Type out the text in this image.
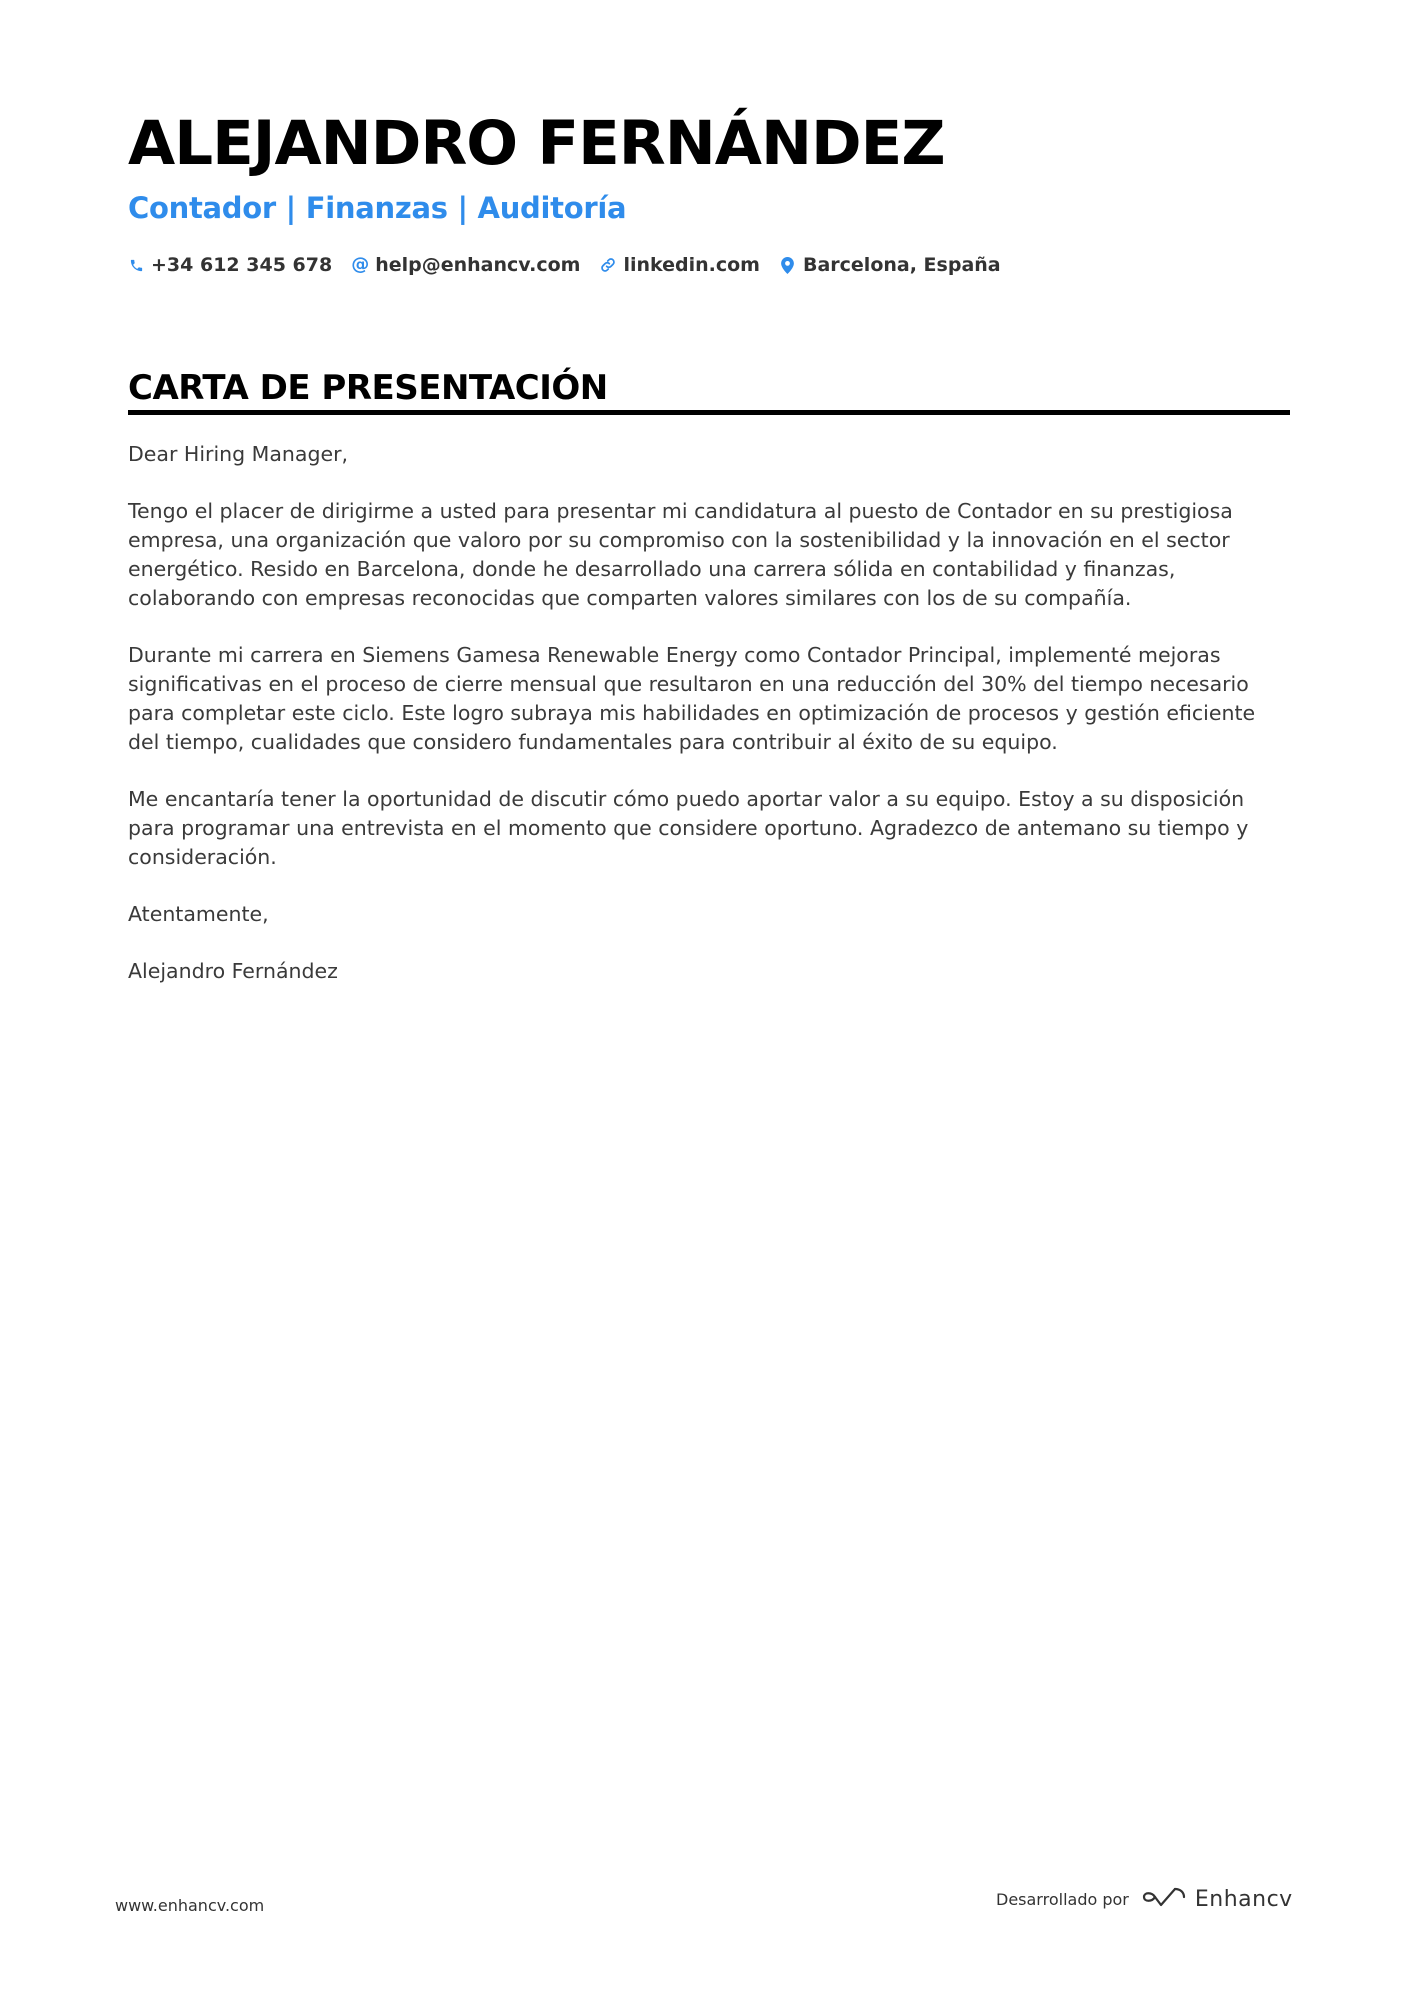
ALEJANDRO FERNÁNDEZ
Contador | Finanzas | Auditoría
+34 612 345 678 @ help@enhancv.com linkedin.com Barcelona, España
CARTA DE PRESENTACIÓN

Dear Hiring Manager,

Tengo el placer de dirigirme a usted para presentar mi candidatura al puesto de Contador en su prestigiosa empresa, una organización que valoro por su compromiso con la sostenibilidad y la innovación en el sector energético. Resido en Barcelona, donde he desarrollado una carrera sólida en contabilidad y finanzas, colaborando con empresas reconocidas que comparten valores similares con los de su compañía.

Durante mi carrera en Siemens Gamesa Renewable Energy como Contador Principal, implementé mejoras significativas en el proceso de cierre mensual que resultaron en una reducción del 30% del tiempo necesario para completar este ciclo. Este logro subraya mis habilidades en optimización de procesos y gestión eficiente del tiempo, cualidades que considero fundamentales para contribuir al éxito de su equipo.

Me encantaría tener la oportunidad de discutir cómo puedo aportar valor a su equipo. Estoy a su disposición para programar una entrevista en el momento que considere oportuno. Agradezco de antemano su tiempo y consideración.

Atentamente,

Alejandro Fernández

www.enhancv.com	Desarrollado por	Enhancv
